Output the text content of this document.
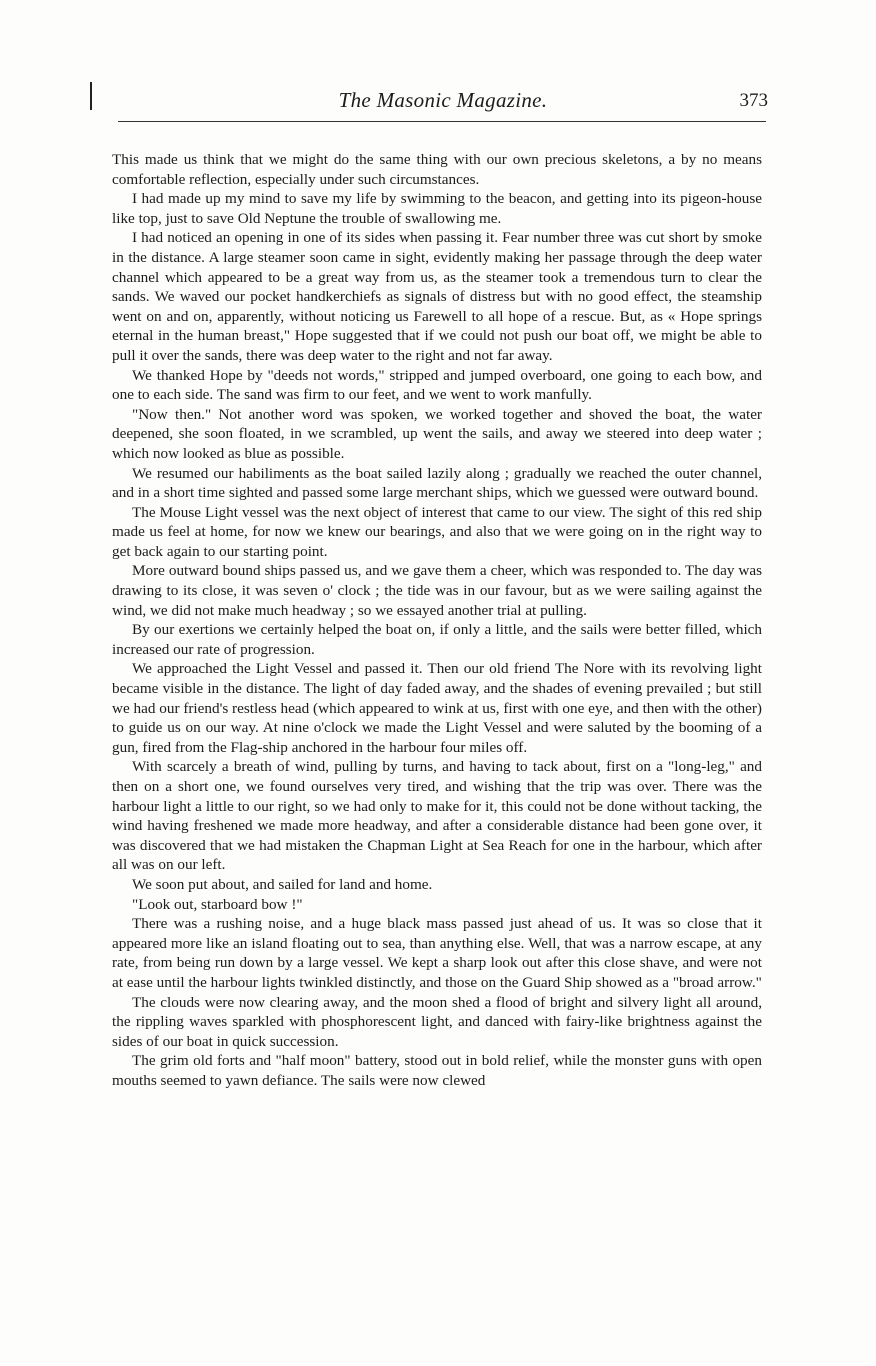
The Masonic Magazine.	373

This made us think that we might do the same thing with our own precious skeletons, a by no means comfortable reflection, especially under such circumstances.

I had made up my mind to save my life by swimming to the beacon, and getting into its pigeon-house like top, just to save Old Neptune the trouble of swallowing me.

I had noticed an opening in one of its sides when passing it. Fear number three was cut short by smoke in the distance. A large steamer soon came in sight, evidently making her passage through the deep water channel which appeared to be a great way from us, as the steamer took a tremendous turn to clear the sands. We waved our pocket handkerchiefs as signals of distress but with no good effect, the steamship went on and on, apparently, without noticing us Farewell to all hope of a rescue. But, as « Hope springs eternal in the human breast," Hope suggested that if we could not push our boat off, we might be able to pull it over the sands, there was deep water to the right and not far away.

We thanked Hope by "deeds not words," stripped and jumped overboard, one going to each bow, and one to each side. The sand was firm to our feet, and we went to work manfully.

"Now then." Not another word was spoken, we worked together and shoved the boat, the water deepened, she soon floated, in we scrambled, up went the sails, and away we steered into deep water ; which now looked as blue as possible.

We resumed our habiliments as the boat sailed lazily along ; gradually we reached the outer channel, and in a short time sighted and passed some large merchant ships, which we guessed were outward bound.

The Mouse Light vessel was the next object of interest that came to our view. The sight of this red ship made us feel at home, for now we knew our bearings, and also that we were going on in the right way to get back again to our starting point.

More outward bound ships passed us, and we gave them a cheer, which was responded to. The day was drawing to its close, it was seven o' clock ; the tide was in our favour, but as we were sailing against the wind, we did not make much headway ; so we essayed another trial at pulling.

By our exertions we certainly helped the boat on, if only a little, and the sails were better filled, which increased our rate of progression.

We approached the Light Vessel and passed it. Then our old friend The Nore with its revolving light became visible in the distance. The light of day faded away, and the shades of evening prevailed ; but still we had our friend's restless head (which appeared to wink at us, first with one eye, and then with the other) to guide us on our way. At nine o'clock we made the Light Vessel and were saluted by the booming of a gun, fired from the Flag-ship anchored in the harbour four miles off.

With scarcely a breath of wind, pulling by turns, and having to tack about, first on a "long-leg," and then on a short one, we found ourselves very tired, and wishing that the trip was over. There was the harbour light a little to our right, so we had only to make for it, this could not be done without tacking, the wind having freshened we made more headway, and after a considerable distance had been gone over, it was discovered that we had mistaken the Chapman Light at Sea Reach for one in the harbour, which after all was on our left.

We soon put about, and sailed for land and home.

"Look out, starboard bow !"

There was a rushing noise, and a huge black mass passed just ahead of us. It was so close that it appeared more like an island floating out to sea, than anything else. Well, that was a narrow escape, at any rate, from being run down by a large vessel. We kept a sharp look out after this close shave, and were not at ease until the harbour lights twinkled distinctly, and those on the Guard Ship showed as a "broad arrow."

The clouds were now clearing away, and the moon shed a flood of bright and silvery light all around, the rippling waves sparkled with phosphorescent light, and danced with fairy-like brightness against the sides of our boat in quick succession.

The grim old forts and "half moon" battery, stood out in bold relief, while the monster guns with open mouths seemed to yawn defiance. The sails were now clewed
